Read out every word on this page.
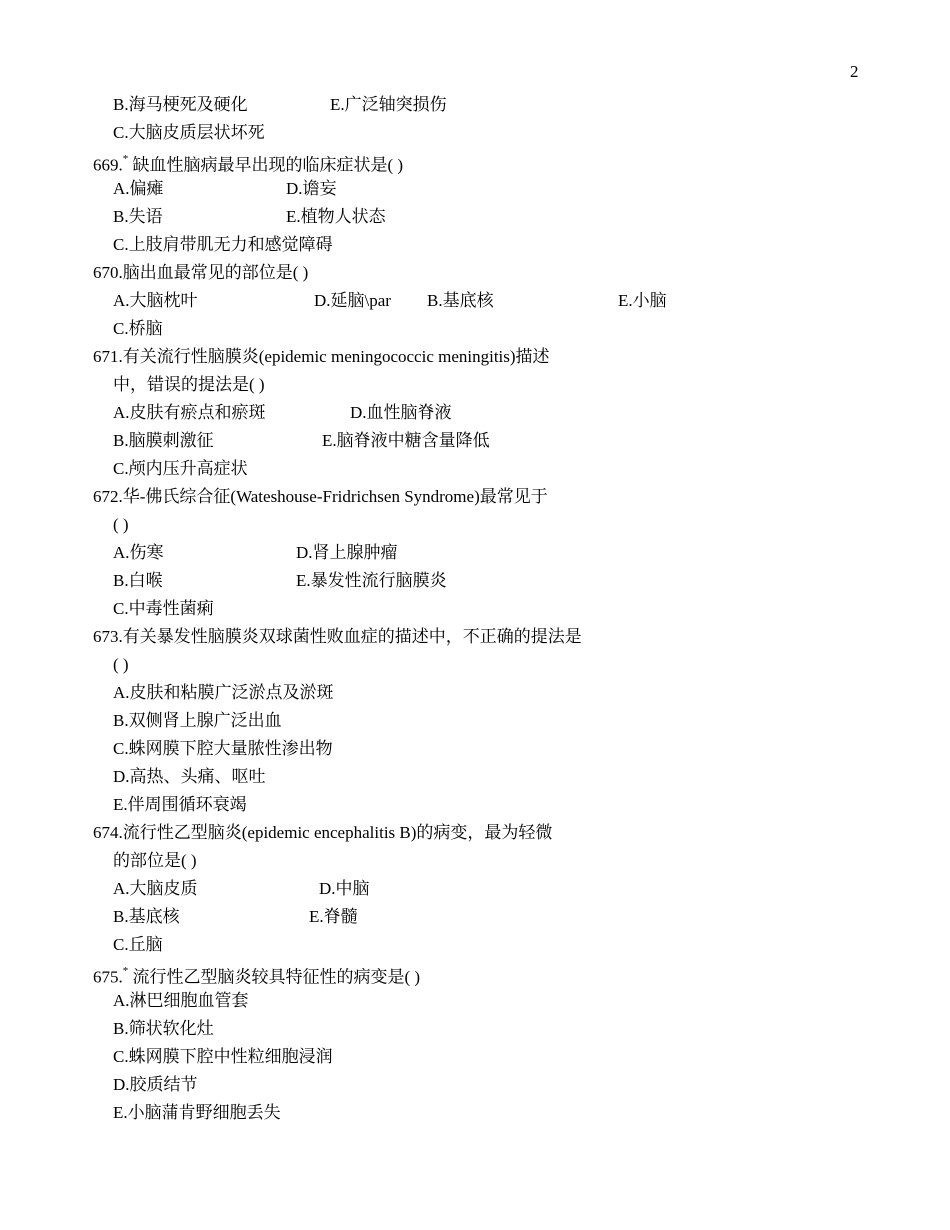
2
B.海马梗死及硬化	E.广泛轴突损伤
C.大脑皮质层状坏死
669.* 缺血性脑病最早出现的临床症状是( )
A.偏瘫	D.谵妄
B.失语	E.植物人状态
C.上肢肩带肌无力和感觉障碍
670.脑出血最常见的部位是( )
A.大脑枕叶	D.延脑\par B.基底核	E.小脑
C.桥脑
671.有关流行性脑膜炎(epidemic meningococcic meningitis)描述
中，错误的提法是( )
A.皮肤有瘀点和瘀斑	D.血性脑脊液
B.脑膜刺激征	E.脑脊液中糖含量降低
C.颅内压升高症状
672.华-佛氏综合征(Wateshouse-Fridrichsen Syndrome)最常见于
( )
A.伤寒	D.肾上腺肿瘤
B.白喉	E.暴发性流行脑膜炎
C.中毒性菌痢
673.有关暴发性脑膜炎双球菌性败血症的描述中，不正确的提法是
( )
A.皮肤和粘膜广泛淤点及淤斑
B.双侧肾上腺广泛出血
C.蛛网膜下腔大量脓性渗出物
D.高热、头痛、呕吐
E.伴周围循环衰竭
674.流行性乙型脑炎(epidemic encephalitis B)的病变，最为轻微
的部位是( )
A.大脑皮质	D.中脑
B.基底核	E.脊髓
C.丘脑
675.* 流行性乙型脑炎较具特征性的病变是( )
A.淋巴细胞血管套
B.筛状软化灶
C.蛛网膜下腔中性粒细胞浸润
D.胶质结节
E.小脑蒲肯野细胞丢失
